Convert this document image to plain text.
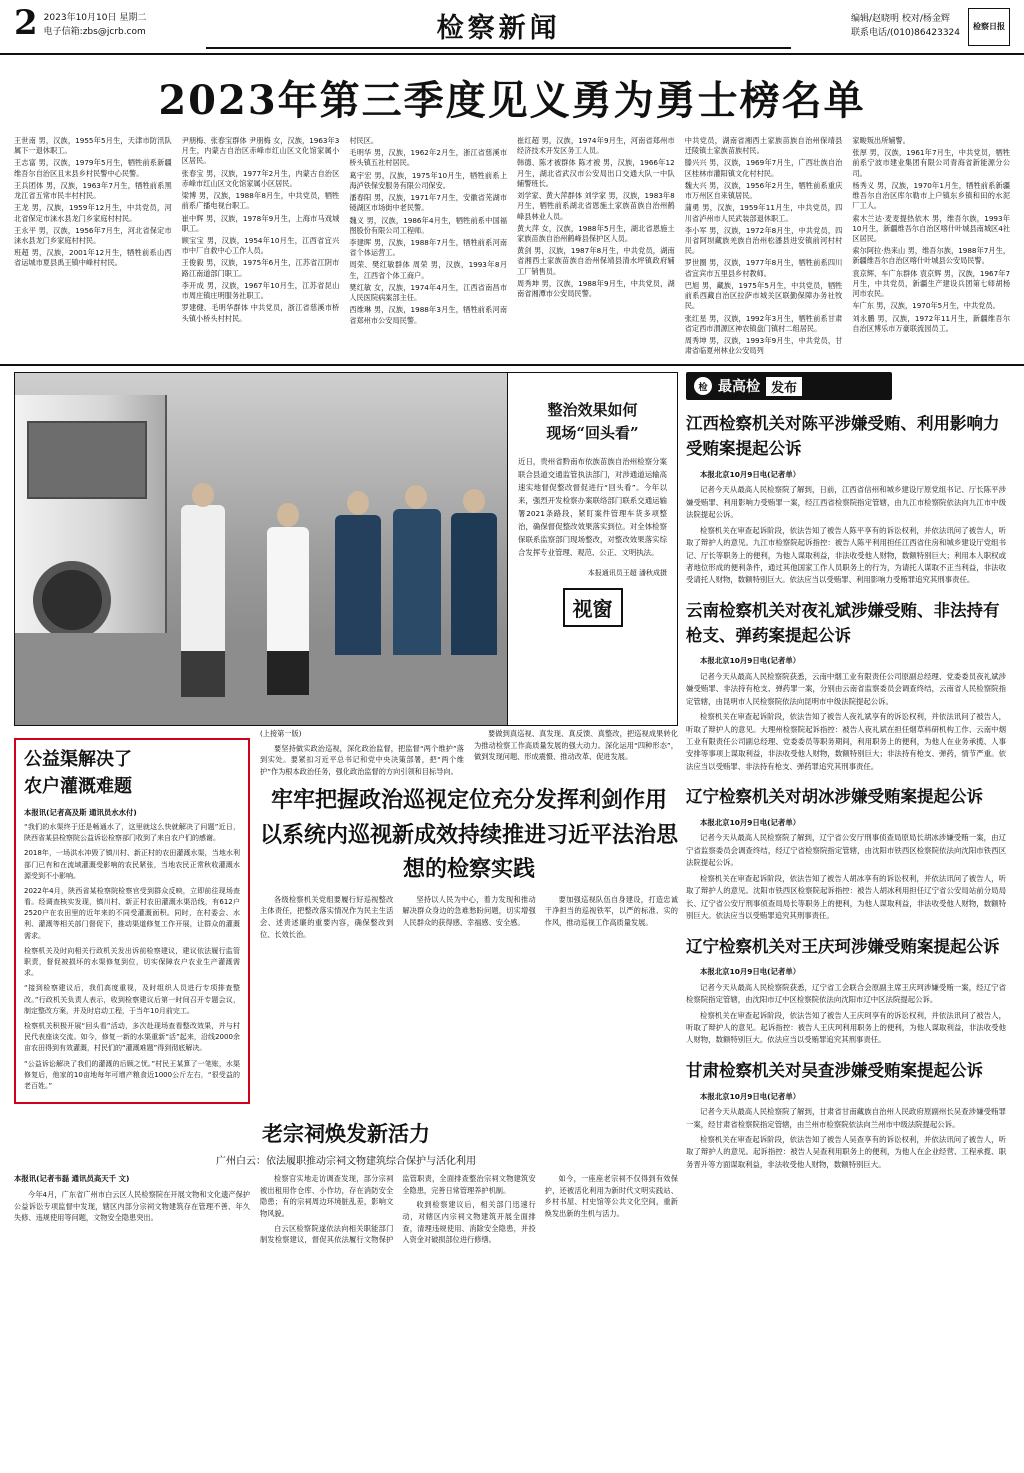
2 2023年10月10日 星期二
电子信箱:zbs@jcrb.com	检察新闻	编辑/赵晓明 校对/杨金辉
联系电话/(010)86423324
检察日报
2023年第三季度见义勇为勇士榜名单

王世南 男，汉族，1955年5月生，天津市防汛队属下一退休职工。

王志富 男，汉族，1979年5月生，牺牲前系新疆维吾尔自治区且末县乡村民警中心民警。

王兵团体 男，汉族，1963年7月生，牺牲前系黑龙江省五常市民丰村村民。

王龙 男，汉族，1959年12月生，中共党员，河北省保定市涞水县龙门乡家庭村村民。

王永平 男，汉族，1956年7月生，河北省保定市涞水县龙门乡家庭村村民。

班超 男，汉族，2001年12月生，牺牲前系山西省运城市夏县禹王镇中峰村村民。

尹朋梅、张春宝群体 尹朋梅 女，汉族，1963年3月生，内蒙古自治区赤峰市红山区文化馆家属小区居民。

张春宝 男，汉族，1977年2月生，内蒙古自治区赤峰市红山区文化馆家属小区居民。

梁博 男，汉族，1988年8月生，中共党员，牺牲前系广播电视台职工。

崔中辉 男，汉族，1978年9月生，上海市马戏城职工。

顾宝宝 男，汉族，1954年10月生，江西省宜兴市中厂自救中心工作人员。

王俊毅 男，汉族，1975年6月生，江苏省江阴市路江南道部门职工。

李开成 男，汉族，1967年10月生，江苏省昆山市周庄镇庄明服务社职工。

罗建健、毛明华群体 中共党员，浙江省慈溪市桥头镇小桥头村村民。

村民区。

毛明华 男，汉族，1962年2月生，浙江省慈溪市桥头镇五社村居民。

葛宇宏 男，汉族，1975年10月生，牺牲前系上海泸铁保安服务有限公司保安。

潘春阳 男，汉族，1971年7月生，安徽省芜湖市镜湖区市场街中老民警。

魏义 男，汉族，1986年4月生，牺牲前系中国福图股份有限公司工程师。

李建晖 男，汉族，1988年7月生，牺牲前系河南省个体运营工。

周荣、樊红敏群体 周荣 男，汉族，1993年8月生，江西省个体工商户。

樊红敏 女，汉族，1974年4月生，江西省南昌市人民医院病案部主任。

西维琳 男，汉族，1988年3月生，牺牲前系河南省郑州市公安局民警。

崔红超 男，汉族，1974年9月生，河南省郑州市经济技术开发区务工人员。

韩德、陈才被群体 陈才被 男，汉族，1966年12月生，湖北省武汉市公安局出口交通大队一中队辅警班长。

刘学家、黄大萍群体 刘学家 男，汉族，1983年8月生，牺牲前系湖北省恩施土家族苗族自治州鹤峰县林业人员。

黄大萍 女，汉族，1988年5月生，湖北省恩施土家族苗族自治州鹤峰县保护区人员。

黄剑 男，汉族，1987年8月生，中共党员，湖南省湘西土家族苗族自治州保靖县清水坪镇政府辅工厂销售员。

周秀坤 男，汉族，1988年9月生，中共党员，湖南省湘潭市公安局民警。

中共党员，湖南省湘西土家族苗族自治州保靖县迁陵镇土家族苗族村民。

滕兴兴 男，汉族，1969年7月生，广西壮族自治区桂林市灌阳镇文化村村民。

魏大兴 男，汉族，1956年2月生，牺牲前系重庆市万州区自来镇居民。

蒲勇 男，汉族，1959年11月生，中共党员，四川省泸州市人民武装部退休职工。

李小军 男，汉族，1972年8月生，中共党员，四川省阿坝藏族羌族自治州松潘县进安镇前河村村民。

罗世圈 男，汉族，1977年8月生，牺牲前系四川省宜宾市五里县乡村教师。

巴旭 男，藏族，1975年5月生，中共党员，牺牲前系西藏自治区拉萨市城关区联勤保障办务社牧民。

张红星 男，汉族，1992年3月生，牺牲前系甘肃省定西市渭源区神农镇盘门镇村二组居民。

周秀坤 男，汉族，1993年9月生，中共党员，甘肃省临夏州林业公安局列

家畯叛出所辅警。

张厚 男，汉族，1961年7月生，中共党员，牺牲前系宁波市建业集团有限公司青海省新能源分公司。

杨秀义 男，汉族，1970年1月生，牺牲前系新疆维吾尔自治区库尔勒市上户镇东乡镇和田的水泥厂工人。

索木兰达·麦麦提热依木 男，维吾尔族，1993年10月生，新疆维吾尔自治区喀什叶城县南城区4社区居民。

索尔阿拉·热来山 男，维吾尔族，1988年7月生，新疆维吾尔自治区喀什叶城县公安局民警。

袁京辉、车广东群体 袁京辉 男，汉族，1967年7月生，中共党员，新疆生产建设兵团第七师胡杨河市农民。

车广东 男，汉族，1970年5月生，中共党员。

刘永鹏 男，汉族，1972年11月生，新疆维吾尔自治区博乐市万豪联流园员工。

整治效果如何
现场“回头看”
近日，贵州省黔南布依族苗族自治州检察分案联合县道交通监管执法部门，对涉通道运输高速实地督促整改督促进行“回头看”。今年以来，强烈开发检察办案联络部门联系交通运输署2021条路段，紧盯案件管理车货多项整治，确保督促整改效果落实到位。对全体检察保联系监察部门现场整改，对整改效果落实综合发挥专业管理、观范、公正、文明执法。
本报通讯员王超 潘秋成摄
视窗
公益渠解决了
农户灌溉难题
本报讯(记者高及斯 通讯员水水付)

“我们的水渠终于还是畅通水了，这里就这么快就解决了问题”近日，陕西省某县检察院公益诉讼检察部门收到了来自农户们的感谢。

2018年，一场洪水冲毁了镇川村、新正村的农田灌溉水渠，当地水利部门已有和在流域灌溉受影响的农民紧张，当地农民正常秋收灌溉水源受到不小影响。

2022年4月，陕西省某检察院检察官受到群众反映，立即前往现场查看。经调查核实发现，镇川村、新正村农田灌溉水渠沿线，有612户2520户在农田里的近年来的不同受灌溉面积。同时，在村委会、水利、灌溉等相关部门督促下，推动渠道修复工作开展，让群众的灌溉需求。

检察机关及时向相关行政机关发出诉前检察建议，建议依法履行监管职责，督促被损坏的水渠修复到位，切实保障农户农业生产灌溉需求。

“接到检察建议后，我们高度重视，及时组织人员进行专项排查整改。”行政机关负责人表示，收到检察建议后第一时间召开专题会议，制定整改方案，并及时启动工程，于当年10月前完工。

检察机关积极开展“回头看”活动，多次赴现场查看整改效果，并与村民代表座谈交流。如今，修复一新的水渠重新“活”起来，沿线2000余亩农田得到有效灌溉，村民们的“灌溉难题”得到彻底解决。

“公益诉讼解决了我们的灌溉的后顾之忧。”村民王某算了一笔账，水渠修复后，他家的10亩地每年可增产粮食近1000公斤左右，“很受益的老百姓。”

(上接第一版)

要坚持做实政治巡视，深化政治监督，把监督“两个维护”落到实处。要紧扣习近平总书记和党中央决策部署，把“两个维护”作为根本政治任务，强化政治监督的方向引领和目标导向。

要做到真巡视、真发现、真反馈、真整改，把巡视成果转化为推动检察工作高质量发展的强大动力。深化运用“四种形态”，做到发现问题、形成震慑、推动改革、促进发展。

牢牢把握政治巡视定位充分发挥利剑作用
以系统内巡视新成效持续推进习近平法治思想的检察实践

各级检察机关党组要履行好巡视整改主体责任，把整改落实情况作为民主生活会、述责述廉的重要内容，确保整改到位、长效长治。

坚持以人民为中心，着力发现和推动解决群众身边的急难愁盼问题，切实增强人民群众的获得感、幸福感、安全感。

要加强巡视队伍自身建设，打造忠诚干净担当的巡视铁军，以严的标准、实的作风，推动巡视工作高质量发展。

老宗祠焕发新活力
广州白云：依法履职推动宗祠文物建筑综合保护与活化利用
本报讯(记者韦磊 通讯员高天千 文)

今年4月，广东省广州市白云区人民检察院在开展文物和文化遗产保护公益诉讼专项监督中发现，辖区内部分宗祠文物建筑存在管理不善、年久失修、违规使用等问题，文物安全隐患突出。

检察官实地走访调查发现，部分宗祠被出租用作仓库、小作坊，存在消防安全隐患；有的宗祠周边环境脏乱差，影响文物风貌。

白云区检察院遂依法向相关职能部门制发检察建议，督促其依法履行文物保护监管职责，全面排查整治宗祠文物建筑安全隐患，完善日常管理养护机制。

收到检察建议后，相关部门迅速行动，对辖区内宗祠文物建筑开展全面排查，清理违规使用、消除安全隐患，并投入资金对破损部位进行修缮。

如今，一座座老宗祠不仅得到有效保护，还被活化利用为新时代文明实践站、乡村书屋、村史馆等公共文化空间，重新焕发出新的生机与活力。

检 最高检 发布
江西检察机关对陈平涉嫌受贿、利用影响力受贿案提起公诉

本报北京10月9日电(记者单）

记者今天从最高人民检察院了解到，日前，江西省信州和城乡建设厅原党组书记、厅长陈平涉嫌受贿罪、利用影响力受贿罪一案，经江西省检察院指定管辖，由九江市检察院依法向九江市中级法院提起公诉。

检察机关在审查起诉阶段，依法告知了被告人陈平享有的诉讼权利，并依法讯问了被告人，听取了辩护人的意见。九江市检察院起诉指控：被告人陈平利用担任江西省住房和城乡建设厅党组书记、厅长等职务上的便利，为他人谋取利益，非法收受他人财物，数额特别巨大；利用本人职权或者地位形成的便利条件，通过其他国家工作人员职务上的行为，为请托人谋取不正当利益，非法收受请托人财物，数额特别巨大。依法应当以受贿罪、利用影响力受贿罪追究其刑事责任。

云南检察机关对夜礼斌涉嫌受贿、非法持有枪支、弹药案提起公诉

本报北京10月9日电(记者单）

记者今天从最高人民检察院获悉，云南中烟工业有限责任公司原副总经理、党委委员夜礼斌涉嫌受贿罪、非法持有枪支、弹药罪一案，分别由云南省监察委员会调查终结，云南省人民检察院指定管辖，由昆明市人民检察院依法向昆明市中级法院提起公诉。

检察机关在审查起诉阶段，依法告知了被告人夜礼斌享有的诉讼权利，并依法讯问了被告人，听取了辩护人的意见。大理州检察院起诉指控：被告人夜礼斌在担任烟草科研机构工作、云南中烟工业有限责任公司副总经理、党委委员等职务期间，利用职务上的便利，为他人在业务承揽、人事安排等事项上谋取利益，非法收受他人财物，数额特别巨大；非法持有枪支、弹药，情节严重。依法应当以受贿罪、非法持有枪支、弹药罪追究其刑事责任。

辽宁检察机关对胡冰涉嫌受贿案提起公诉

本报北京10月9日电(记者单）

记者今天从最高人民检察院了解到，辽宁省公安厅刑事侦查局原局长胡冰涉嫌受贿一案，由辽宁省监察委员会调查终结，经辽宁省检察院指定管辖，由沈阳市铁西区检察院依法向沈阳市铁西区法院提起公诉。

检察机关在审查起诉阶段，依法告知了被告人胡冰享有的诉讼权利，并依法讯问了被告人，听取了辩护人的意见。沈阳市铁西区检察院起诉指控：被告人胡冰利用担任辽宁省公安局站前分局局长、辽宁省公安厅刑事侦查局局长等职务上的便利，为他人谋取利益，非法收受他人财物，数额特别巨大。依法应当以受贿罪追究其刑事责任。

辽宁检察机关对王庆珂涉嫌受贿案提起公诉

本报北京10月9日电(记者单）

记者今天从最高人民检察院获悉，辽宁省工会联合会原副主席王庆珂涉嫌受贿一案，经辽宁省检察院指定管辖，由沈阳市辽中区检察院依法向沈阳市辽中区法院提起公诉。

检察机关在审查起诉阶段，依法告知了被告人王庆珂享有的诉讼权利，并依法讯问了被告人，听取了辩护人的意见。起诉指控：被告人王庆珂利用职务上的便利，为他人谋取利益，非法收受他人财物，数额特别巨大。依法应当以受贿罪追究其刑事责任。

甘肃检察机关对吴查涉嫌受贿案提起公诉

本报北京10月9日电(记者单）

记者今天从最高人民检察院了解到，甘肃省甘南藏族自治州人民政府原副州长吴查涉嫌受贿罪一案，经甘肃省检察院指定管辖，由兰州市检察院依法向兰州市中级法院提起公诉。

检察机关在审查起诉阶段，依法告知了被告人吴查享有的诉讼权利，并依法讯问了被告人，听取了辩护人的意见。起诉指控：被告人吴查利用职务上的便利，为他人在企业经营、工程承揽、职务晋升等方面谋取利益，非法收受他人财物，数额特别巨大。
